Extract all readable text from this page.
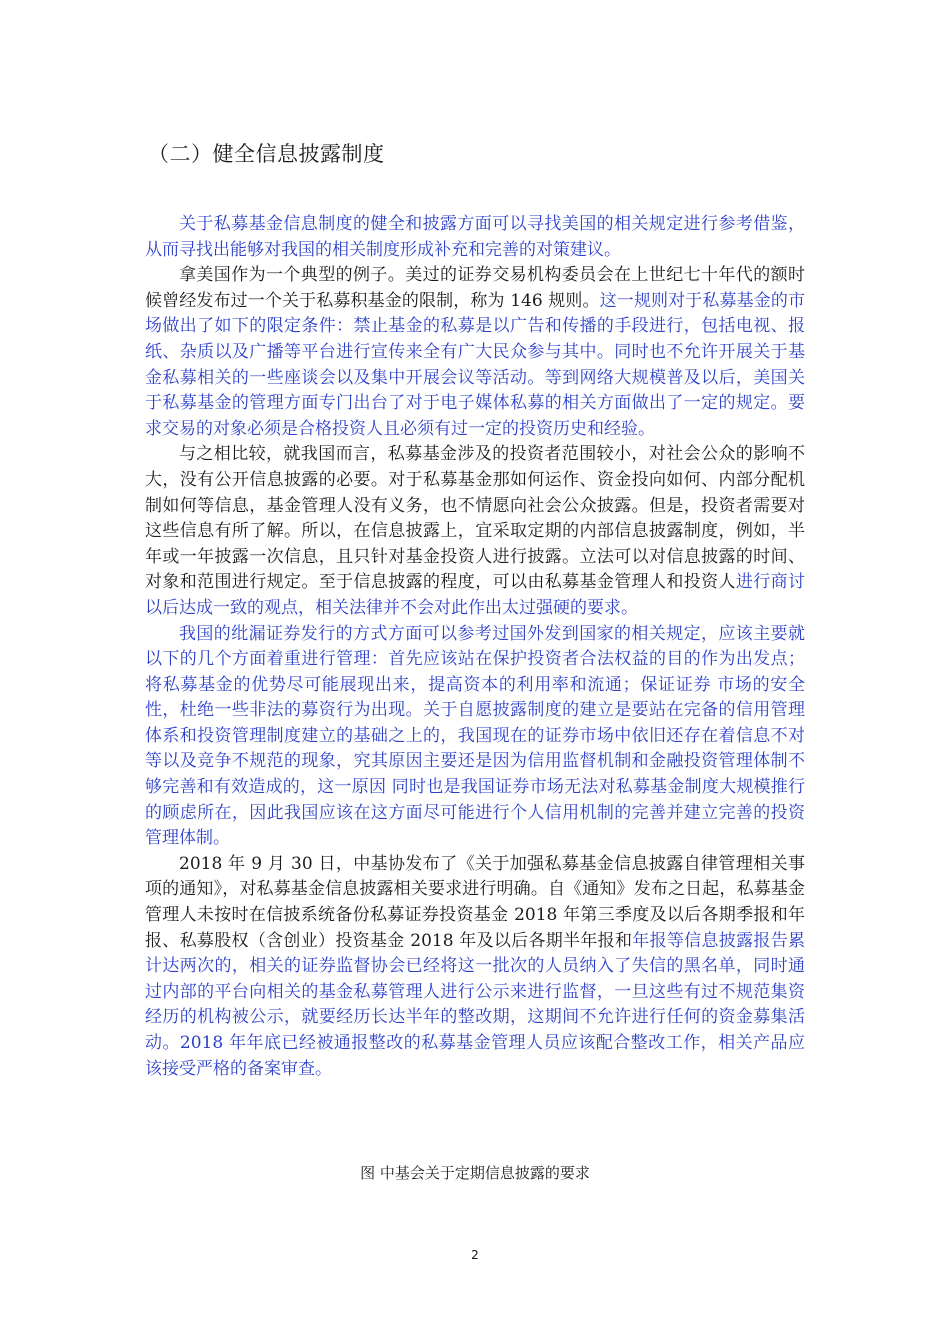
（二）健全信息披露制度

关于私募基金信息制度的健全和披露方面可以寻找美国的相关规定进行参考借鉴，从而寻找出能够对我国的相关制度形成补充和完善的对策建议。

拿美国作为一个典型的例子。美过的证券交易机构委员会在上世纪七十年代的额时候曾经发布过一个关于私募积基金的限制，称为 146 规则。这一规则对于私募基金的市场做出了如下的限定条件：禁止基金的私募是以广告和传播的手段进行，包括电视、报纸、杂质以及广播等平台进行宣传来全有广大民众参与其中。同时也不允许开展关于基金私募相关的一些座谈会以及集中开展会议等活动。等到网络大规模普及以后，美国关于私募基金的管理方面专门出台了对于电子媒体私募的相关方面做出了一定的规定。要求交易的对象必须是合格投资人且必须有过一定的投资历史和经验。

与之相比较，就我国而言，私募基金涉及的投资者范围较小，对社会公众的影响不大，没有公开信息披露的必要。对于私募基金那如何运作、资金投向如何、内部分配机制如何等信息，基金管理人没有义务，也不情愿向社会公众披露。但是，投资者需要对这些信息有所了解。所以，在信息披露上，宜采取定期的内部信息披露制度，例如，半年或一年披露一次信息，且只针对基金投资人进行披露。立法可以对信息披露的时间、对象和范围进行规定。至于信息披露的程度，可以由私募基金管理人和投资人进行商讨以后达成一致的观点，相关法律并不会对此作出太过强硬的要求。

我国的纰漏证券发行的方式方面可以参考过国外发到国家的相关规定，应该主要就以下的几个方面着重进行管理：首先应该站在保护投资者合法权益的目的作为出发点；将私募基金的优势尽可能展现出来，提高资本的利用率和流通；保证证券 市场的安全性，杜绝一些非法的募资行为出现。关于自愿披露制度的建立是要站在完备的信用管理体系和投资管理制度建立的基础之上的，我国现在的证券市场中依旧还存在着信息不对等以及竞争不规范的现象，究其原因主要还是因为信用监督机制和金融投资管理体制不够完善和有效造成的，这一原因 同时也是我国证券市场无法对私募基金制度大规模推行的顾虑所在，因此我国应该在这方面尽可能进行个人信用机制的完善并建立完善的投资管理体制。

2018 年 9 月 30 日，中基协发布了《关于加强私募基金信息披露自律管理相关事项的通知》，对私募基金信息披露相关要求进行明确。自《通知》发布之日起，私募基金管理人未按时在信披系统备份私募证券投资基金 2018 年第三季度及以后各期季报和年报、私募股权（含创业）投资基金 2018 年及以后各期半年报和年报等信息披露报告累计达两次的，相关的证券监督协会已经将这一批次的人员纳入了失信的黑名单，同时通过内部的平台向相关的基金私募管理人进行公示来进行监督，一旦这些有过不规范集资经历的机构被公示，就要经历长达半年的整改期，这期间不允许进行任何的资金募集活动。2018 年年底已经被通报整改的私募基金管理人员应该配合整改工作，相关产品应该接受严格的备案审查。

图 中基会关于定期信息披露的要求
2
